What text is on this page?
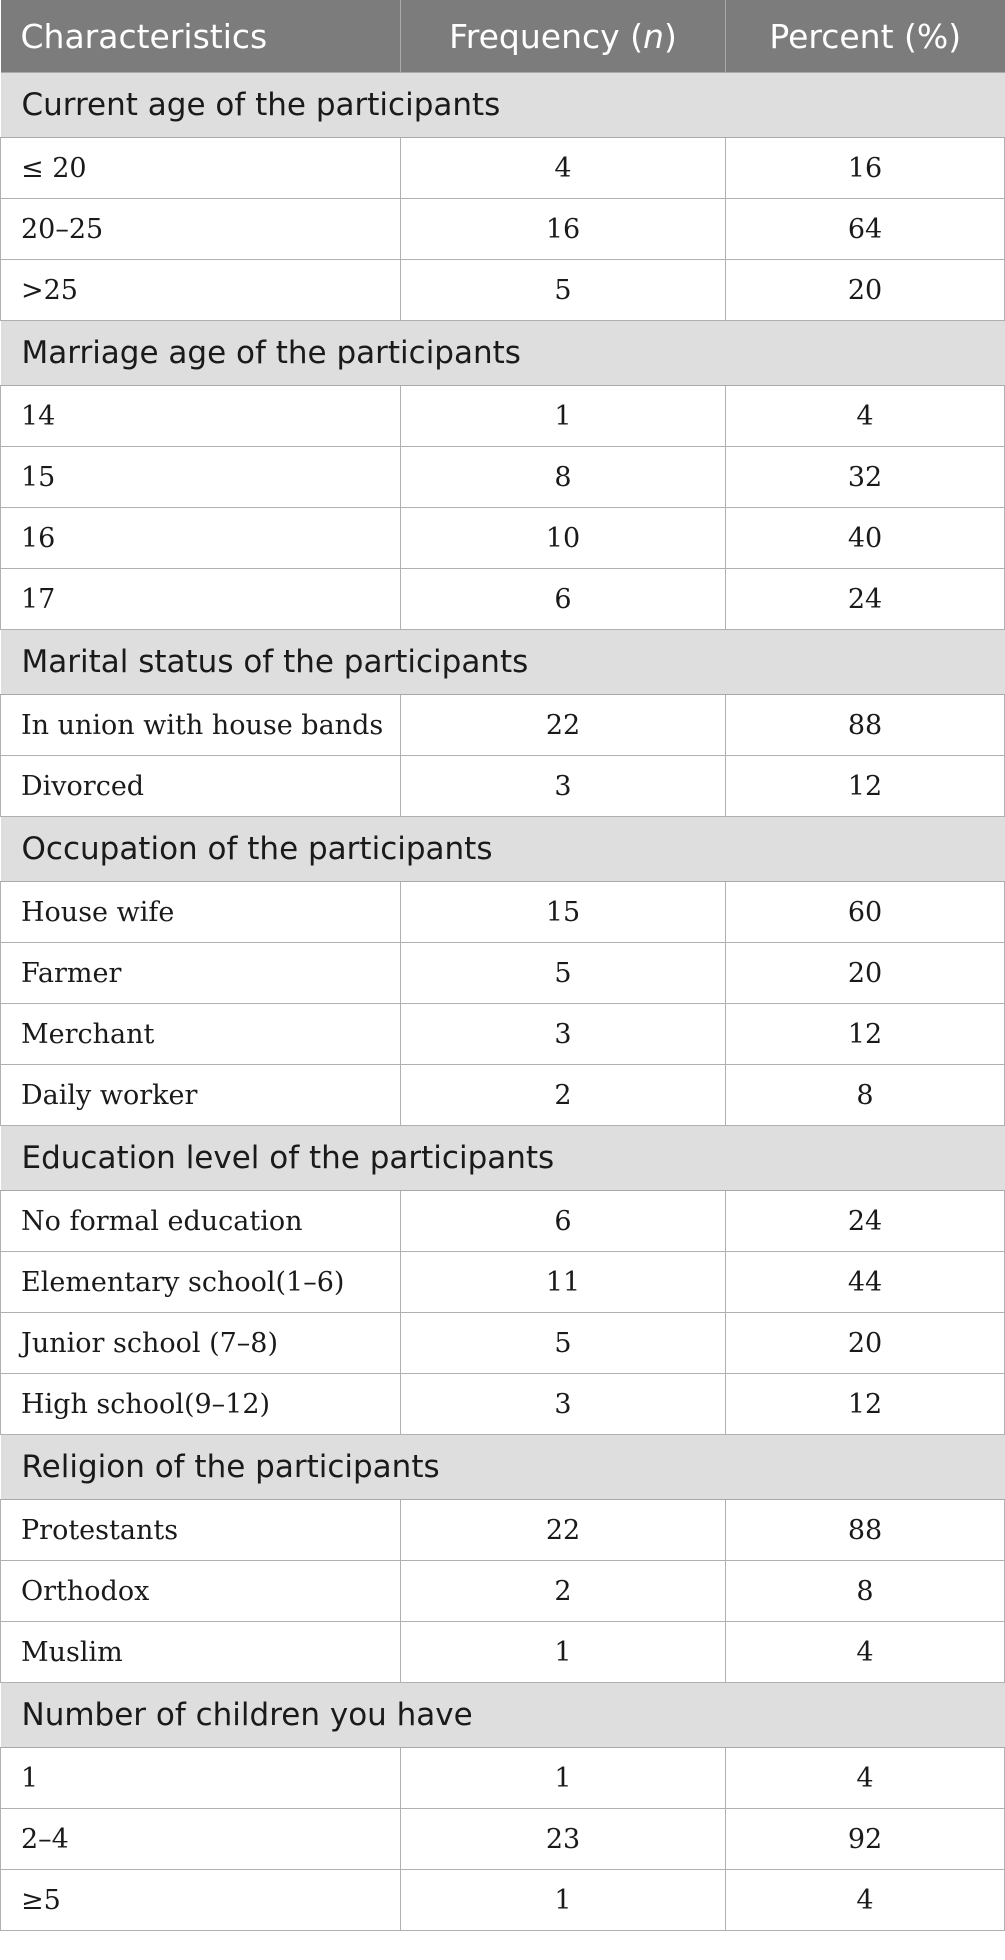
Characteristics	Frequency (n)	Percent (%)
Current age of the participants		
≤ 20	4	16
20–25	16	64
>25	5	20
Marriage age of the participants		
14	1	4
15	8	32
16	10	40
17	6	24
Marital status of the participants		
In union with house bands	22	88
Divorced	3	12
Occupation of the participants		
House wife	15	60
Farmer	5	20
Merchant	3	12
Daily worker	2	8
Education level of the participants		
No formal education	6	24
Elementary school(1–6)	11	44
Junior school (7–8)	5	20
High school(9–12)	3	12
Religion of the participants		
Protestants	22	88
Orthodox	2	8
Muslim	1	4
Number of children you have		
1	1	4
2–4	23	92
≥5	1	4
